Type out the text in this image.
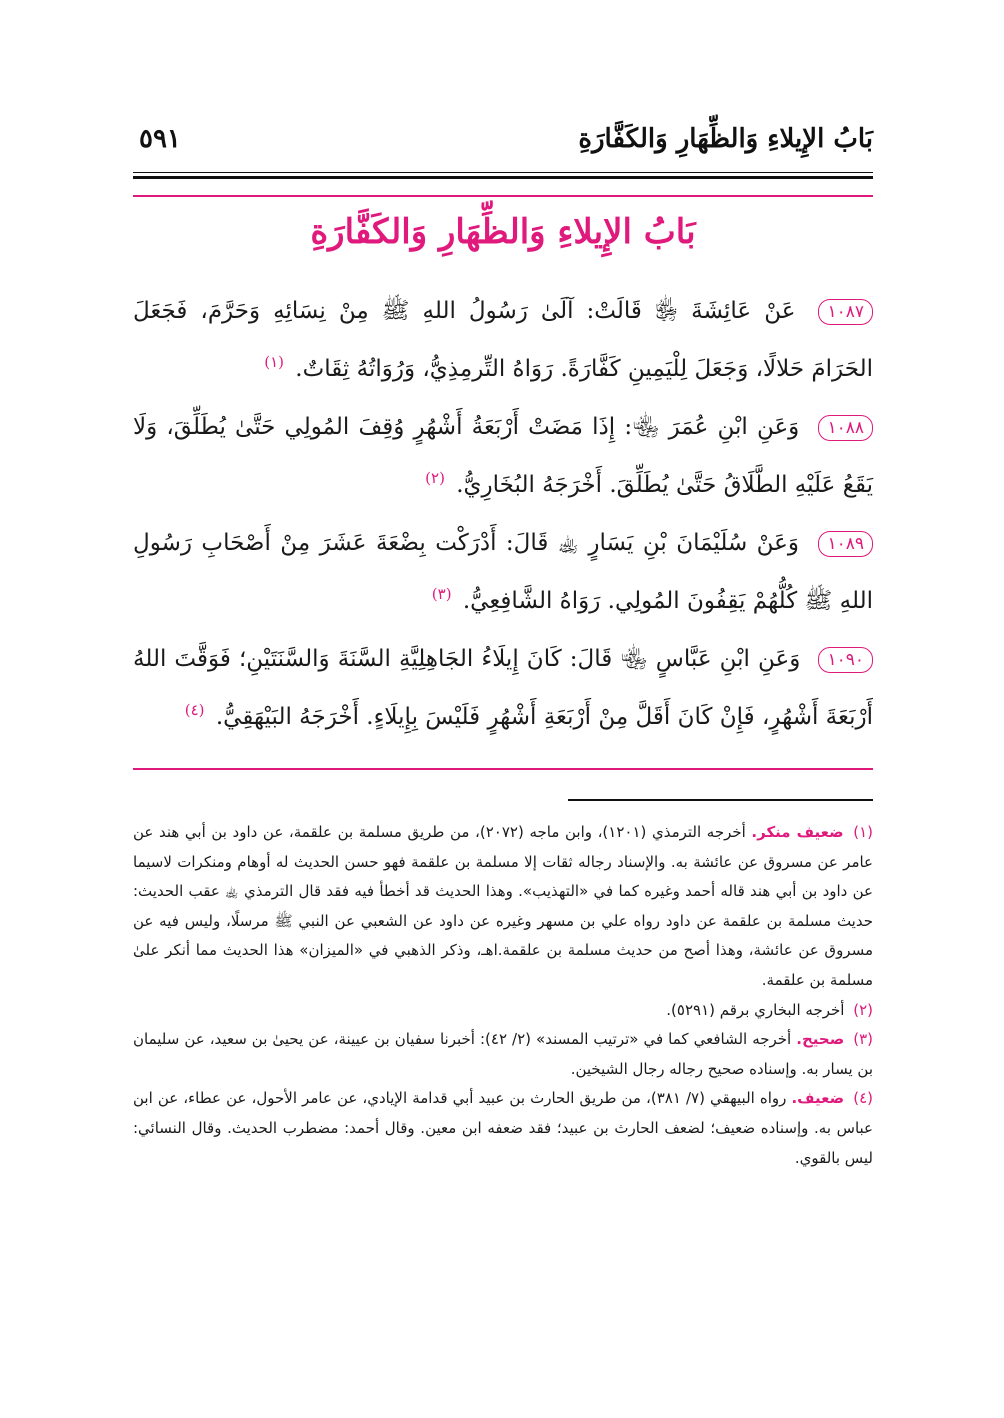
بَابُ الإِيلاءِ وَالظِّهَارِ وَالكَفَّارَةِ
٥٩١
بَابُ الإِيلاءِ وَالظِّهَارِ وَالكَفَّارَةِ

١٠٨٧ عَنْ عَائِشَةَ ﵂ قَالَتْ: آلَىٰ رَسُولُ اللهِ ﷺ مِنْ نِسَائِهِ وَحَرَّمَ، فَجَعَلَ الحَرَامَ حَلالًا، وَجَعَلَ لِلْيَمِينِ كَفَّارَةً. رَوَاهُ التِّرمِذِيُّ، وَرُوَاتُهُ ثِقَاتٌ. $^{(١)}$

١٠٨٨ وَعَنِ ابْنِ عُمَرَ ﵄: إِذَا مَضَتْ أَرْبَعَةُ أَشْهُرٍ وُقِفَ المُولِي حَتَّىٰ يُطَلِّقَ، وَلَا يَقَعُ عَلَيْهِ الطَّلَاقُ حَتَّىٰ يُطَلِّقَ. أَخْرَجَهُ البُخَارِيُّ. $^{(٢)}$

١٠٨٩ وَعَنْ سُلَيْمَانَ بْنِ يَسَارٍ ﵀ قَالَ: أَدْرَكْت بِضْعَةَ عَشَرَ مِنْ أَصْحَابِ رَسُولِ اللهِ ﷺ كُلُّهُمْ يَقِفُونَ المُولِي. رَوَاهُ الشَّافِعِيُّ. $^{(٣)}$

١٠٩٠ وَعَنِ ابْنِ عَبَّاسٍ ﵄ قَالَ: كَانَ إِيلَاءُ الجَاهِلِيَّةِ السَّنَةَ وَالسَّنَتَيْنِ؛ فَوَقَّتَ اللهُ أَرْبَعَةَ أَشْهُرٍ، فَإِنْ كَانَ أَقَلَّ مِنْ أَرْبَعَةِ أَشْهُرٍ فَلَيْسَ بِإِيلَاءٍ. أَخْرَجَهُ البَيْهَقِيُّ. $^{(٤)}$

(١) ضعيف منكر. أخرجه الترمذي (١٢٠١)، وابن ماجه (٢٠٧٢)، من طريق مسلمة بن علقمة، عن داود بن أبي هند عن عامر عن مسروق عن عائشة به. والإسناد رجاله ثقات إلا مسلمة بن علقمة فهو حسن الحديث له أوهام ومنكرات لاسيما عن داود بن أبي هند قاله أحمد وغيره كما في «التهذيب». وهذا الحديث قد أخطأ فيه فقد قال الترمذي ﵀ عقب الحديث: حديث مسلمة بن علقمة عن داود رواه علي بن مسهر وغيره عن داود عن الشعبي عن النبي ﷺ مرسلًا، وليس فيه عن مسروق عن عائشة، وهذا أصح من حديث مسلمة بن علقمة.اهـ، وذكر الذهبي في «الميزان» هذا الحديث مما أنكر علىٰ مسلمة بن علقمة.

(٢) أخرجه البخاري برقم (٥٢٩١).

(٣) صحيح. أخرجه الشافعي كما في «ترتيب المسند» (٢/ ٤٢): أخبرنا سفيان بن عيينة، عن يحيىٰ بن سعيد، عن سليمان بن يسار به. وإسناده صحيح رجاله رجال الشيخين.

(٤) ضعيف. رواه البيهقي (٧/ ٣٨١)، من طريق الحارث بن عبيد أبي قدامة الإيادي، عن عامر الأحول، عن عطاء، عن ابن عباس به. وإسناده ضعيف؛ لضعف الحارث بن عبيد؛ فقد ضعفه ابن معين. وقال أحمد: مضطرب الحديث. وقال النسائي: ليس بالقوي.
